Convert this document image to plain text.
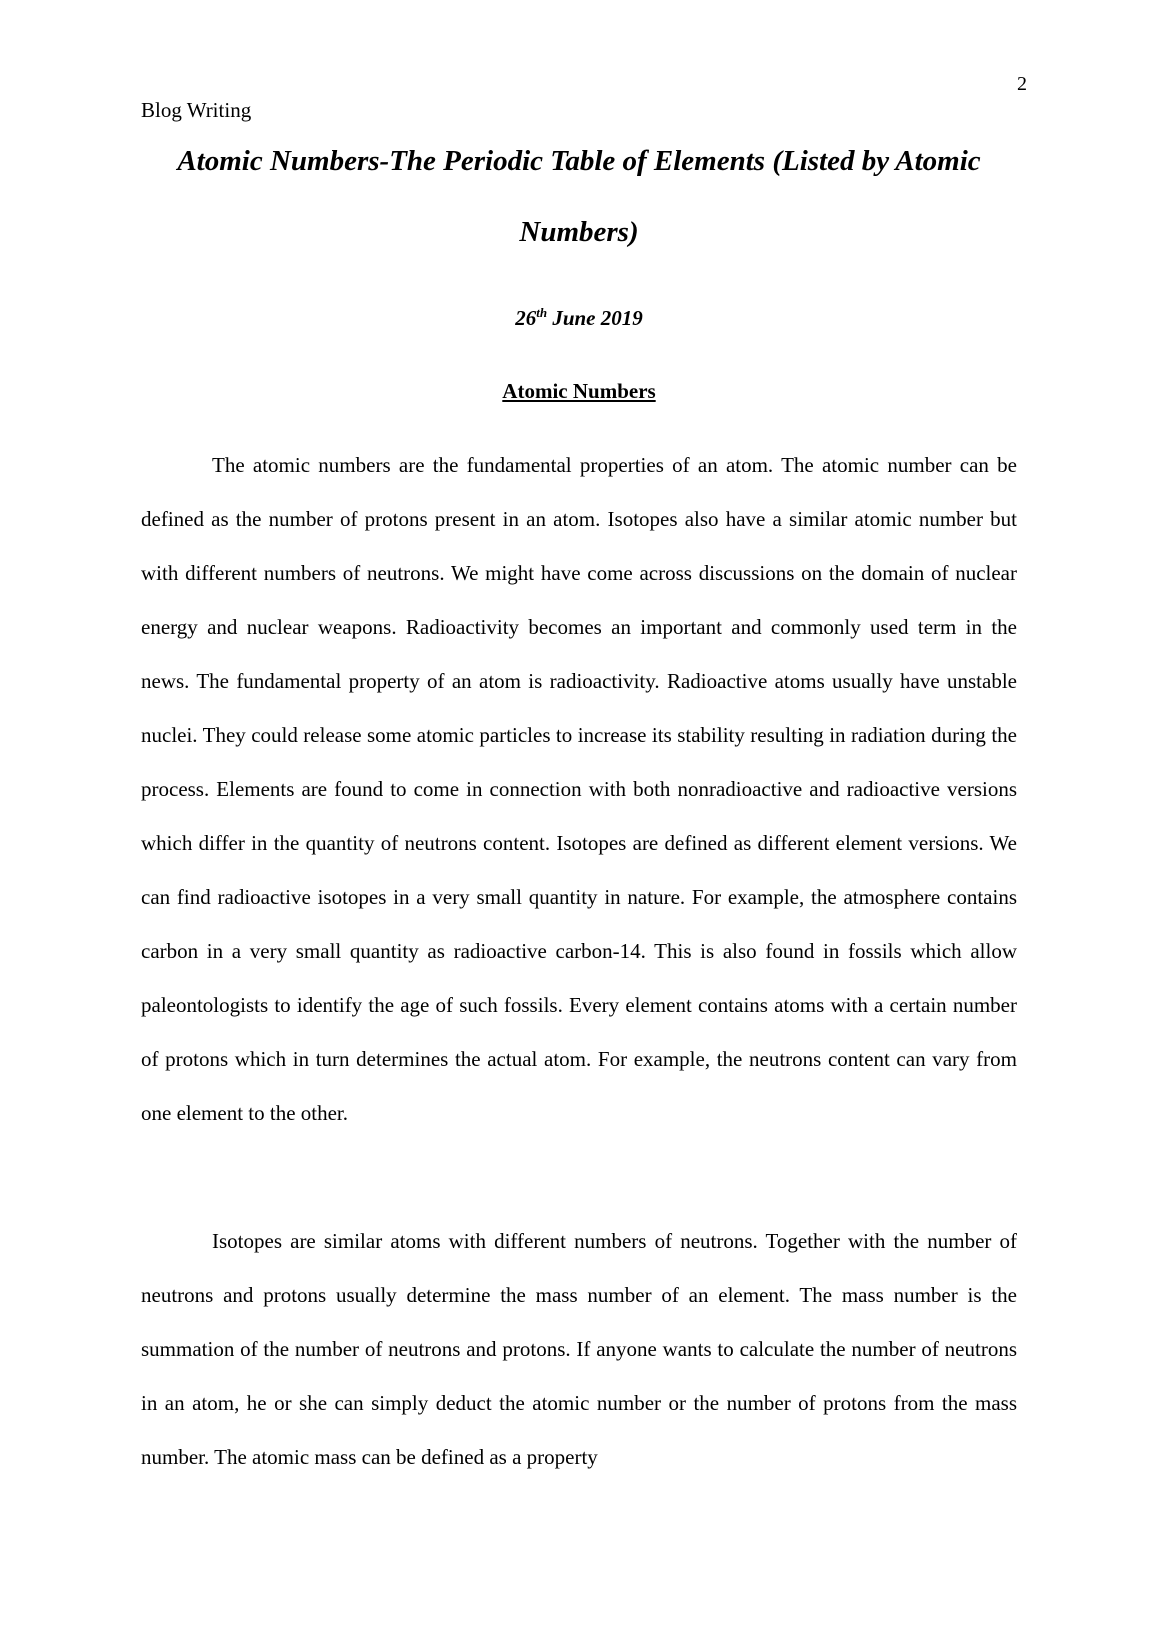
2
Blog Writing
Atomic Numbers-The Periodic Table of Elements (Listed by Atomic Numbers)
26th June 2019
Atomic Numbers

The atomic numbers are the fundamental properties of an atom. The atomic number can be defined as the number of protons present in an atom. Isotopes also have a similar atomic number but with different numbers of neutrons. We might have come across discussions on the domain of nuclear energy and nuclear weapons. Radioactivity becomes an important and commonly used term in the news. The fundamental property of an atom is radioactivity. Radioactive atoms usually have unstable nuclei. They could release some atomic particles to increase its stability resulting in radiation during the process. Elements are found to come in connection with both nonradioactive and radioactive versions which differ in the quantity of neutrons content. Isotopes are defined as different element versions. We can find radioactive isotopes in a very small quantity in nature. For example, the atmosphere contains carbon in a very small quantity as radioactive carbon-14. This is also found in fossils which allow paleontologists to identify the age of such fossils. Every element contains atoms with a certain number of protons which in turn determines the actual atom. For example, the neutrons content can vary from one element to the other.

Isotopes are similar atoms with different numbers of neutrons. Together with the number of neutrons and protons usually determine the mass number of an element. The mass number is the summation of the number of neutrons and protons. If anyone wants to calculate the number of neutrons in an atom, he or she can simply deduct the atomic number or the number of protons from the mass number. The atomic mass can be defined as a property
